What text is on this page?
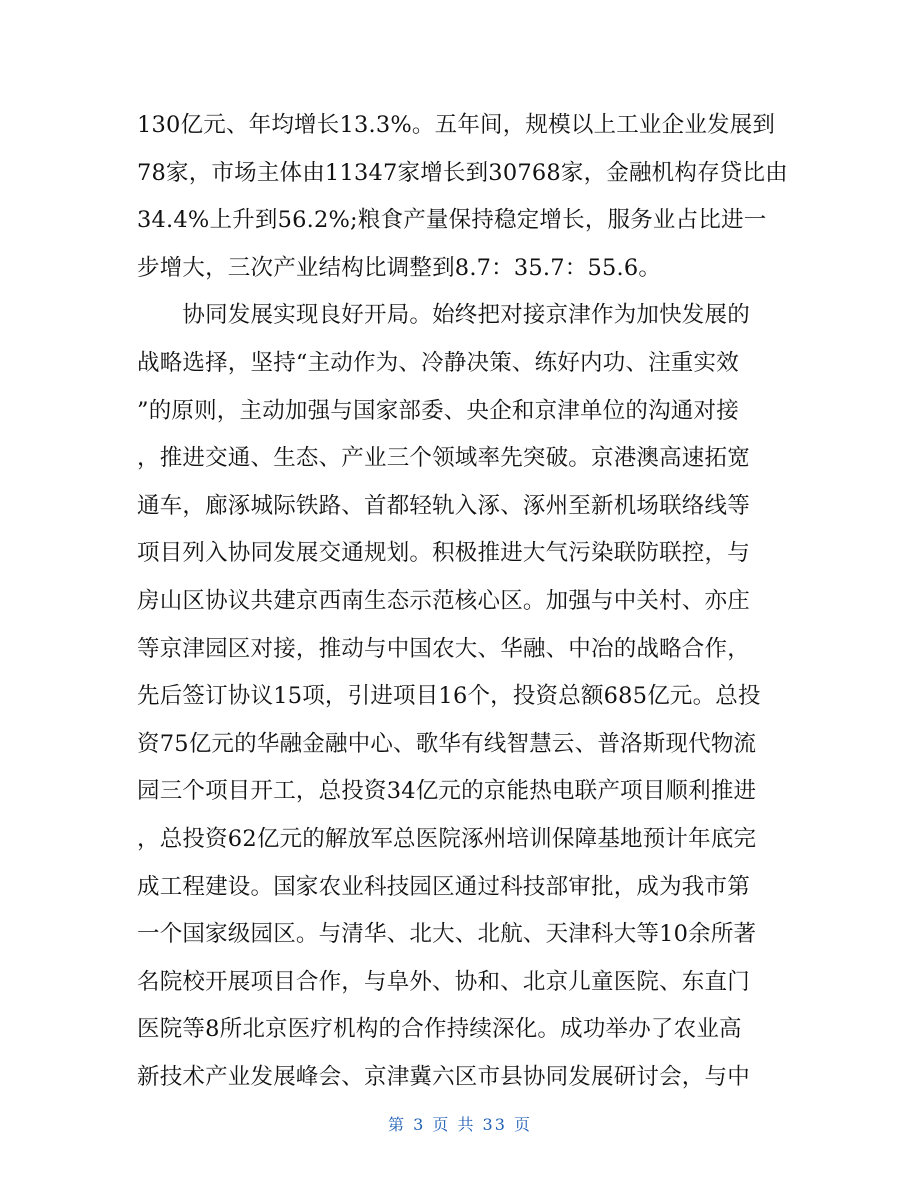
130亿元、年均增长13.3%。五年间，规模以上工业企业发展到
78家，市场主体由11347家增长到30768家，金融机构存贷比由
34.4%上升到56.2%;粮食产量保持稳定增长，服务业占比进一
步增大，三次产业结构比调整到8.7：35.7：55.6。
　　协同发展实现良好开局。始终把对接京津作为加快发展的
战略选择，坚持“主动作为、冷静决策、练好内功、注重实效
”的原则，主动加强与国家部委、央企和京津单位的沟通对接
，推进交通、生态、产业三个领域率先突破。京港澳高速拓宽
通车，廊涿城际铁路、首都轻轨入涿、涿州至新机场联络线等
项目列入协同发展交通规划。积极推进大气污染联防联控，与
房山区协议共建京西南生态示范核心区。加强与中关村、亦庄
等京津园区对接，推动与中国农大、华融、中冶的战略合作，
先后签订协议15项，引进项目16个，投资总额685亿元。总投
资75亿元的华融金融中心、歌华有线智慧云、普洛斯现代物流
园三个项目开工，总投资34亿元的京能热电联产项目顺利推进
，总投资62亿元的解放军总医院涿州培训保障基地预计年底完
成工程建设。国家农业科技园区通过科技部审批，成为我市第
一个国家级园区。与清华、北大、北航、天津科大等10余所著
名院校开展项目合作，与阜外、协和、北京儿童医院、东直门
医院等8所北京医疗机构的合作持续深化。成功举办了农业高
新技术产业发展峰会、京津冀六区市县协同发展研讨会，与中
第 3 页 共 33 页
